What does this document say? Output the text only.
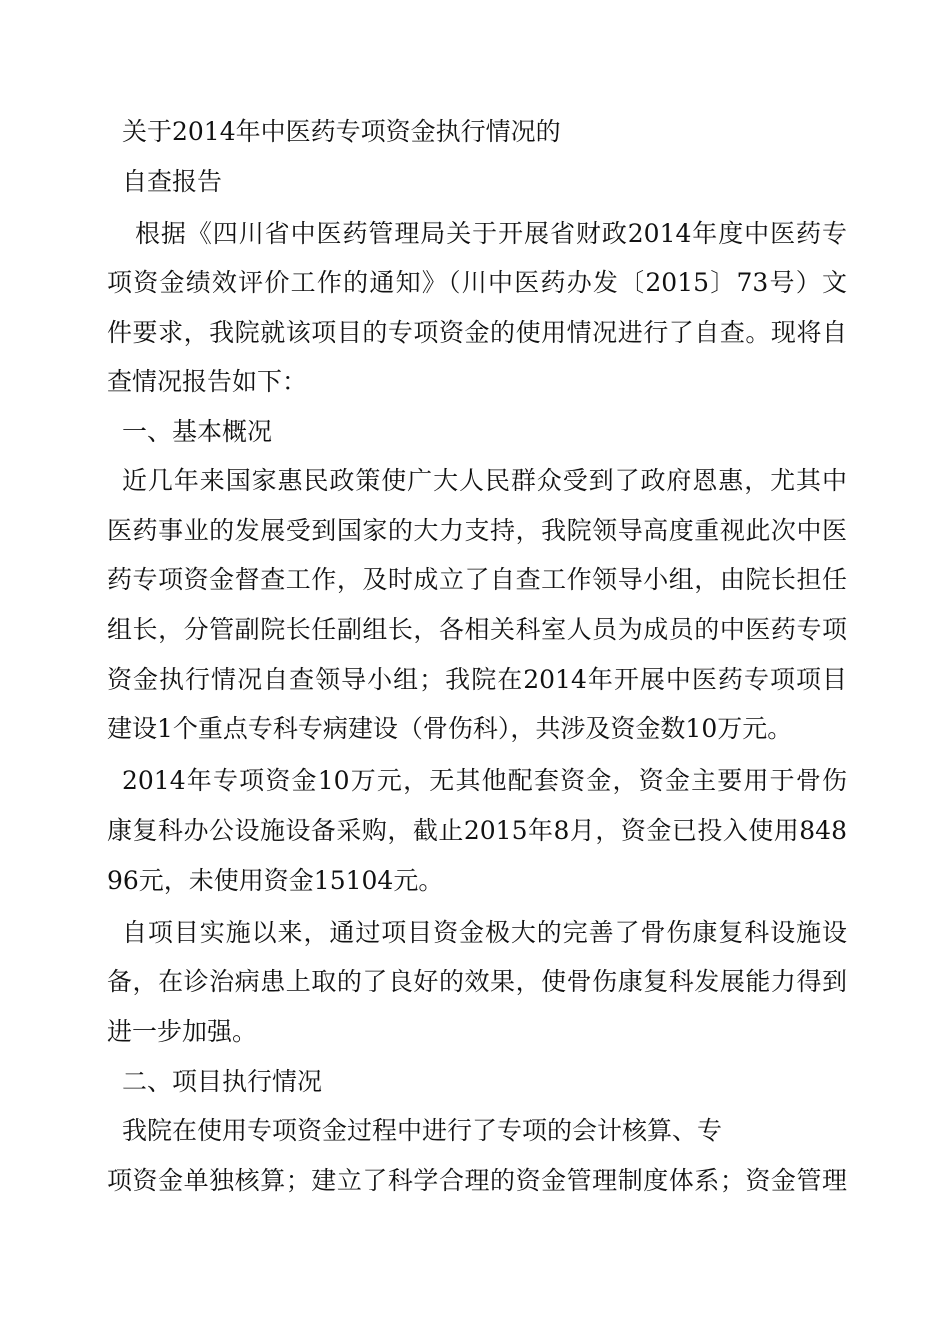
关于2014年中医药专项资金执行情况的
自查报告
根据《四川省中医药管理局关于开展省财政2014年度中医药专
项资金绩效评价工作的通知》（川中医药办发〔2015〕73号）文
件要求，我院就该项目的专项资金的使用情况进行了自查。现将自
查情况报告如下：
一、基本概况
近几年来国家惠民政策使广大人民群众受到了政府恩惠，尤其中
医药事业的发展受到国家的大力支持，我院领导高度重视此次中医
药专项资金督查工作，及时成立了自查工作领导小组，由院长担任
组长，分管副院长任副组长，各相关科室人员为成员的中医药专项
资金执行情况自查领导小组；我院在2014年开展中医药专项项目
建设1个重点专科专病建设（骨伤科），共涉及资金数10万元。
2014年专项资金10万元，无其他配套资金，资金主要用于骨伤
康复科办公设施设备采购，截止2015年8月，资金已投入使用848
96元，未使用资金15104元。
自项目实施以来，通过项目资金极大的完善了骨伤康复科设施设
备，在诊治病患上取的了良好的效果，使骨伤康复科发展能力得到
进一步加强。
二、项目执行情况
我院在使用专项资金过程中进行了专项的会计核算、专
项资金单独核算；建立了科学合理的资金管理制度体系；资金管理
